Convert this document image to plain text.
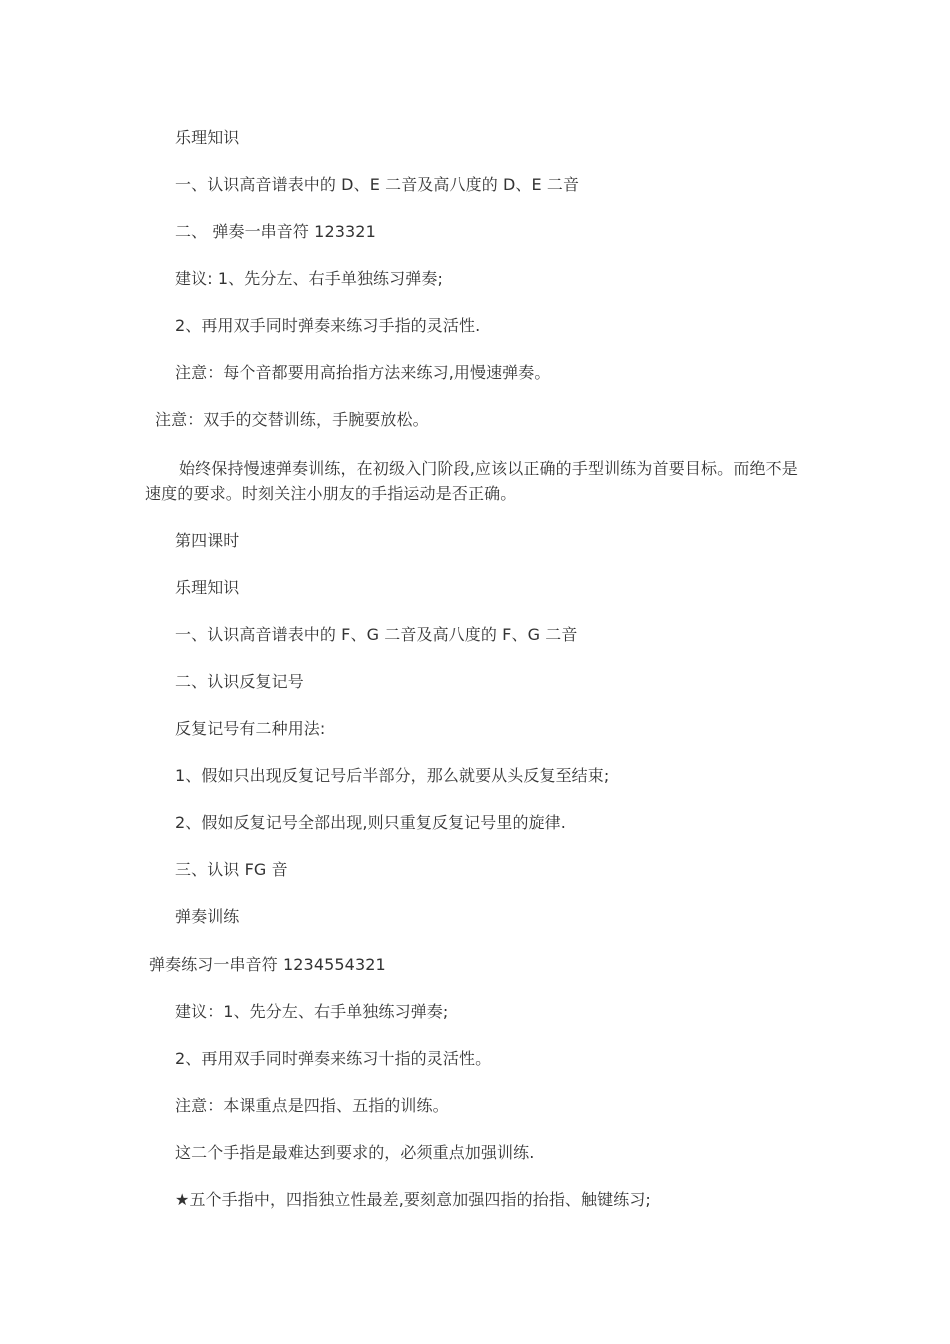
乐理知识
一、认识高音谱表中的 D、E 二音及高八度的 D、E 二音
二、 弹奏一串音符 123321
建议: 1、先分左、右手单独练习弹奏;
2、再用双手同时弹奏来练习手指的灵活性.
注意：每个音都要用高抬指方法来练习,用慢速弹奏。
注意：双手的交替训练，手腕要放松。
始终保持慢速弹奏训练，在初级入门阶段,应该以正确的手型训练为首要目标。而绝不是速度的要求。时刻关注小朋友的手指运动是否正确。
第四课时
乐理知识
一、认识高音谱表中的 F、G 二音及高八度的 F、G 二音
二、认识反复记号
反复记号有二种用法:
1、假如只出现反复记号后半部分，那么就要从头反复至结束;
2、假如反复记号全部出现,则只重复反复记号里的旋律.
三、认识 FG 音
弹奏训练
弹奏练习一串音符 1234554321
建议：1、先分左、右手单独练习弹奏;
2、再用双手同时弹奏来练习十指的灵活性。
注意：本课重点是四指、五指的训练。
这二个手指是最难达到要求的，必须重点加强训练.
★五个手指中，四指独立性最差,要刻意加强四指的抬指、触键练习;
